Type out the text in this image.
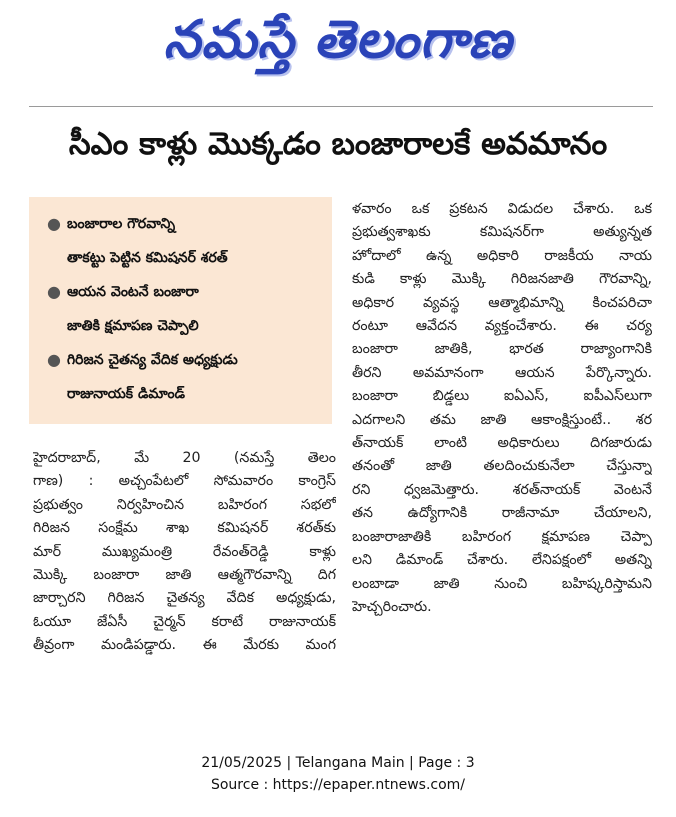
నమస్తే తెలంగాణ
సీఎం కాళ్లు మొక్కడం బంజారాలకే అవమానం
● బంజారాల గౌరవాన్ని
తాకట్టు పెట్టిన కమిషనర్ శరత్
● ఆయన వెంటనే బంజారా
జాతికి క్షమాపణ చెప్పాలి
● గిరిజన చైతన్య వేదిక అధ్యక్షుడు
రాజునాయక్ డిమాండ్
హైదరాబాద్, మే 20 (నమస్తే తెలం
గాణ) : అచ్చంపేటలో సోమవారం కాంగ్రెస్
ప్రభుత్వం నిర్వహించిన బహిరంగ సభలో
గిరిజన సంక్షేమ శాఖ కమిషనర్ శరత్‌కు
మార్ ముఖ్యమంత్రి రేవంత్‌రెడ్డి కాళ్లు
మొక్కి బంజారా జాతి ఆత్మగౌరవాన్ని దిగ
జార్చారని గిరిజన చైతన్య వేదిక అధ్యక్షుడు,
ఓయూ జేఏసీ చైర్మన్ కరాటే రాజునాయక్
తీవ్రంగా మండిపడ్డారు. ఈ మేరకు మంగ
ళవారం ఒక ప్రకటన విడుదల చేశారు. ఒక
ప్రభుత్వశాఖకు కమిషనర్‌గా అత్యున్నత
హోదాలో ఉన్న అధికారి రాజకీయ నాయ
కుడి కాళ్లు మొక్కి గిరిజనజాతి గౌరవాన్ని,
అధికార వ్యవస్థ ఆత్మాభిమాన్ని కించపరిచా
రంటూ ఆవేదన వ్యక్తంచేశారు. ఈ చర్య
బంజారా జాతికి, భారత రాజ్యాంగానికి
తీరని అవమానంగా ఆయన పేర్కొన్నారు.
బంజారా బిడ్డలు ఐఏఎస్, ఐపీఎస్‌లుగా
ఎదగాలని తమ జాతి ఆకాంక్షిస్తుంటే.. శర
త్‌నాయక్ లాంటి అధికారులు దిగజారుడు
తనంతో జాతి తలదించుకునేలా చేస్తున్నా
రని ధ్వజమెత్తారు. శరత్‌నాయక్ వెంటనే
తన ఉద్యోగానికి రాజీనామా చేయాలని,
బంజారాజాతికి బహిరంగ క్షమాపణ చెప్పా
లని డిమాండ్ చేశారు. లేనిపక్షంలో అతన్ని
లంబాడా జాతి నుంచి బహిష్కరిస్తామని
హెచ్చరించారు.
21/05/2025 | Telangana Main | Page : 3
Source : https://epaper.ntnews.com/
